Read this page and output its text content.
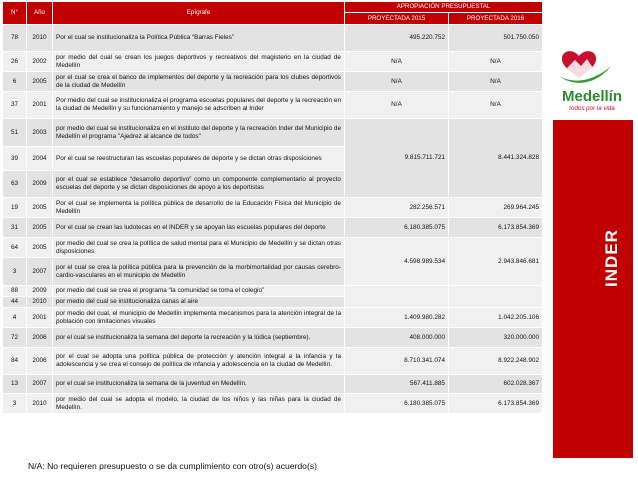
N°	Año	Epígrafe	APROPIACIÓN PRESUPUESTAL	
			PROYECTADA 2015	PROYECTADA 2016
78	2010	Por el cual se institucionaliza la Política Pública “Barras Fieles”	495.220.752	501.750.050
26	2002	por medio del cual se crean los juegos deportivos y recreativos del magisterio en la ciudad de Medellín	N/A	N/A
6	2005	por el cual se crea el banco de implementos del deporte y la recreación para los clubes deportivos de la ciudad de Medellín	N/A	N/A
37	2001	Por medio del cual se institucionaliza el programa escuelas populares del deporte y la recreación en la ciudad de Medellín y su funcionamiento y manejo se adscriben al Inder	N/A	N/A
51	2003	por medio del cual se institucionaliza en el instituto del deporte y la recreación Inder del Municipio de Medellín el programa "Ajedrez al alcance de todos"	9.815.711.721	8.441.324.828
39	2004	Por el cual se reestructuran las escuelas populares de deporte y se dictan otras disposiciones		
63	2009	por el cual se establece “desarrollo deportivo” como un componente complementario al proyecto escuelas del deporte y se dictan disposiciones de apoyo a los deportistas		
19	2005	Por el cual se implementa la política pública de desarrollo de la Educación Física del Municipio de Medellín	282.256.571	269.964.245
31	2005	Por el cual se crean las ludotecas en el INDER y se apoyan las escuelas populares del deporte	6.180.385.075	6.173.854.369
64	2005	por medio del cual se crea la política de salud mental para el Municipio de Medellín y se dictan otras disposiciones	4.598.989.534	2.943.846.681
3	2007	por el cual se crea la política pública para la prevención de la morbimortalidad por causas cerebro-cardio-vasculares en el municipio de Medellín		
88	2009	por medio del cual se crea el programa “la comunidad se toma el colegio”		
44	2010	por medio del cual se institucionaliza canas al aire		
4	2001	por medio del cual, el municipio de Medellín implementa mecanismos para la atención integral de la población con limitaciones visuales	1.409.980.282	1.042.205.106
72	2006	por el cual se institucionaliza la semana del deporte la recreación y la lúdica (septiembre).	408.000.000	320.000.000
84	2006	por el cual se adopta una política pública de protección y atención integral a la infancia y la adolescencia y se crea el consejo de política de infancia y adolescencia en la ciudad de Medellín.	8.710.341.074	8.922.248.902
13	2007	por el cual se institucionaliza la semana de la juventud en Medellín.	567.411.885	602.028.367
3	2010	por medio del cual se adopta el modelo, la ciudad de los niños y las niñas para la ciudad de Medellín.	6.180.385.075	6.173.854.369
N/A: No requieren presupuesto o se da cumplimiento con otro(s) acuerdo(s)
Medellín
todos por la vida
INDER
